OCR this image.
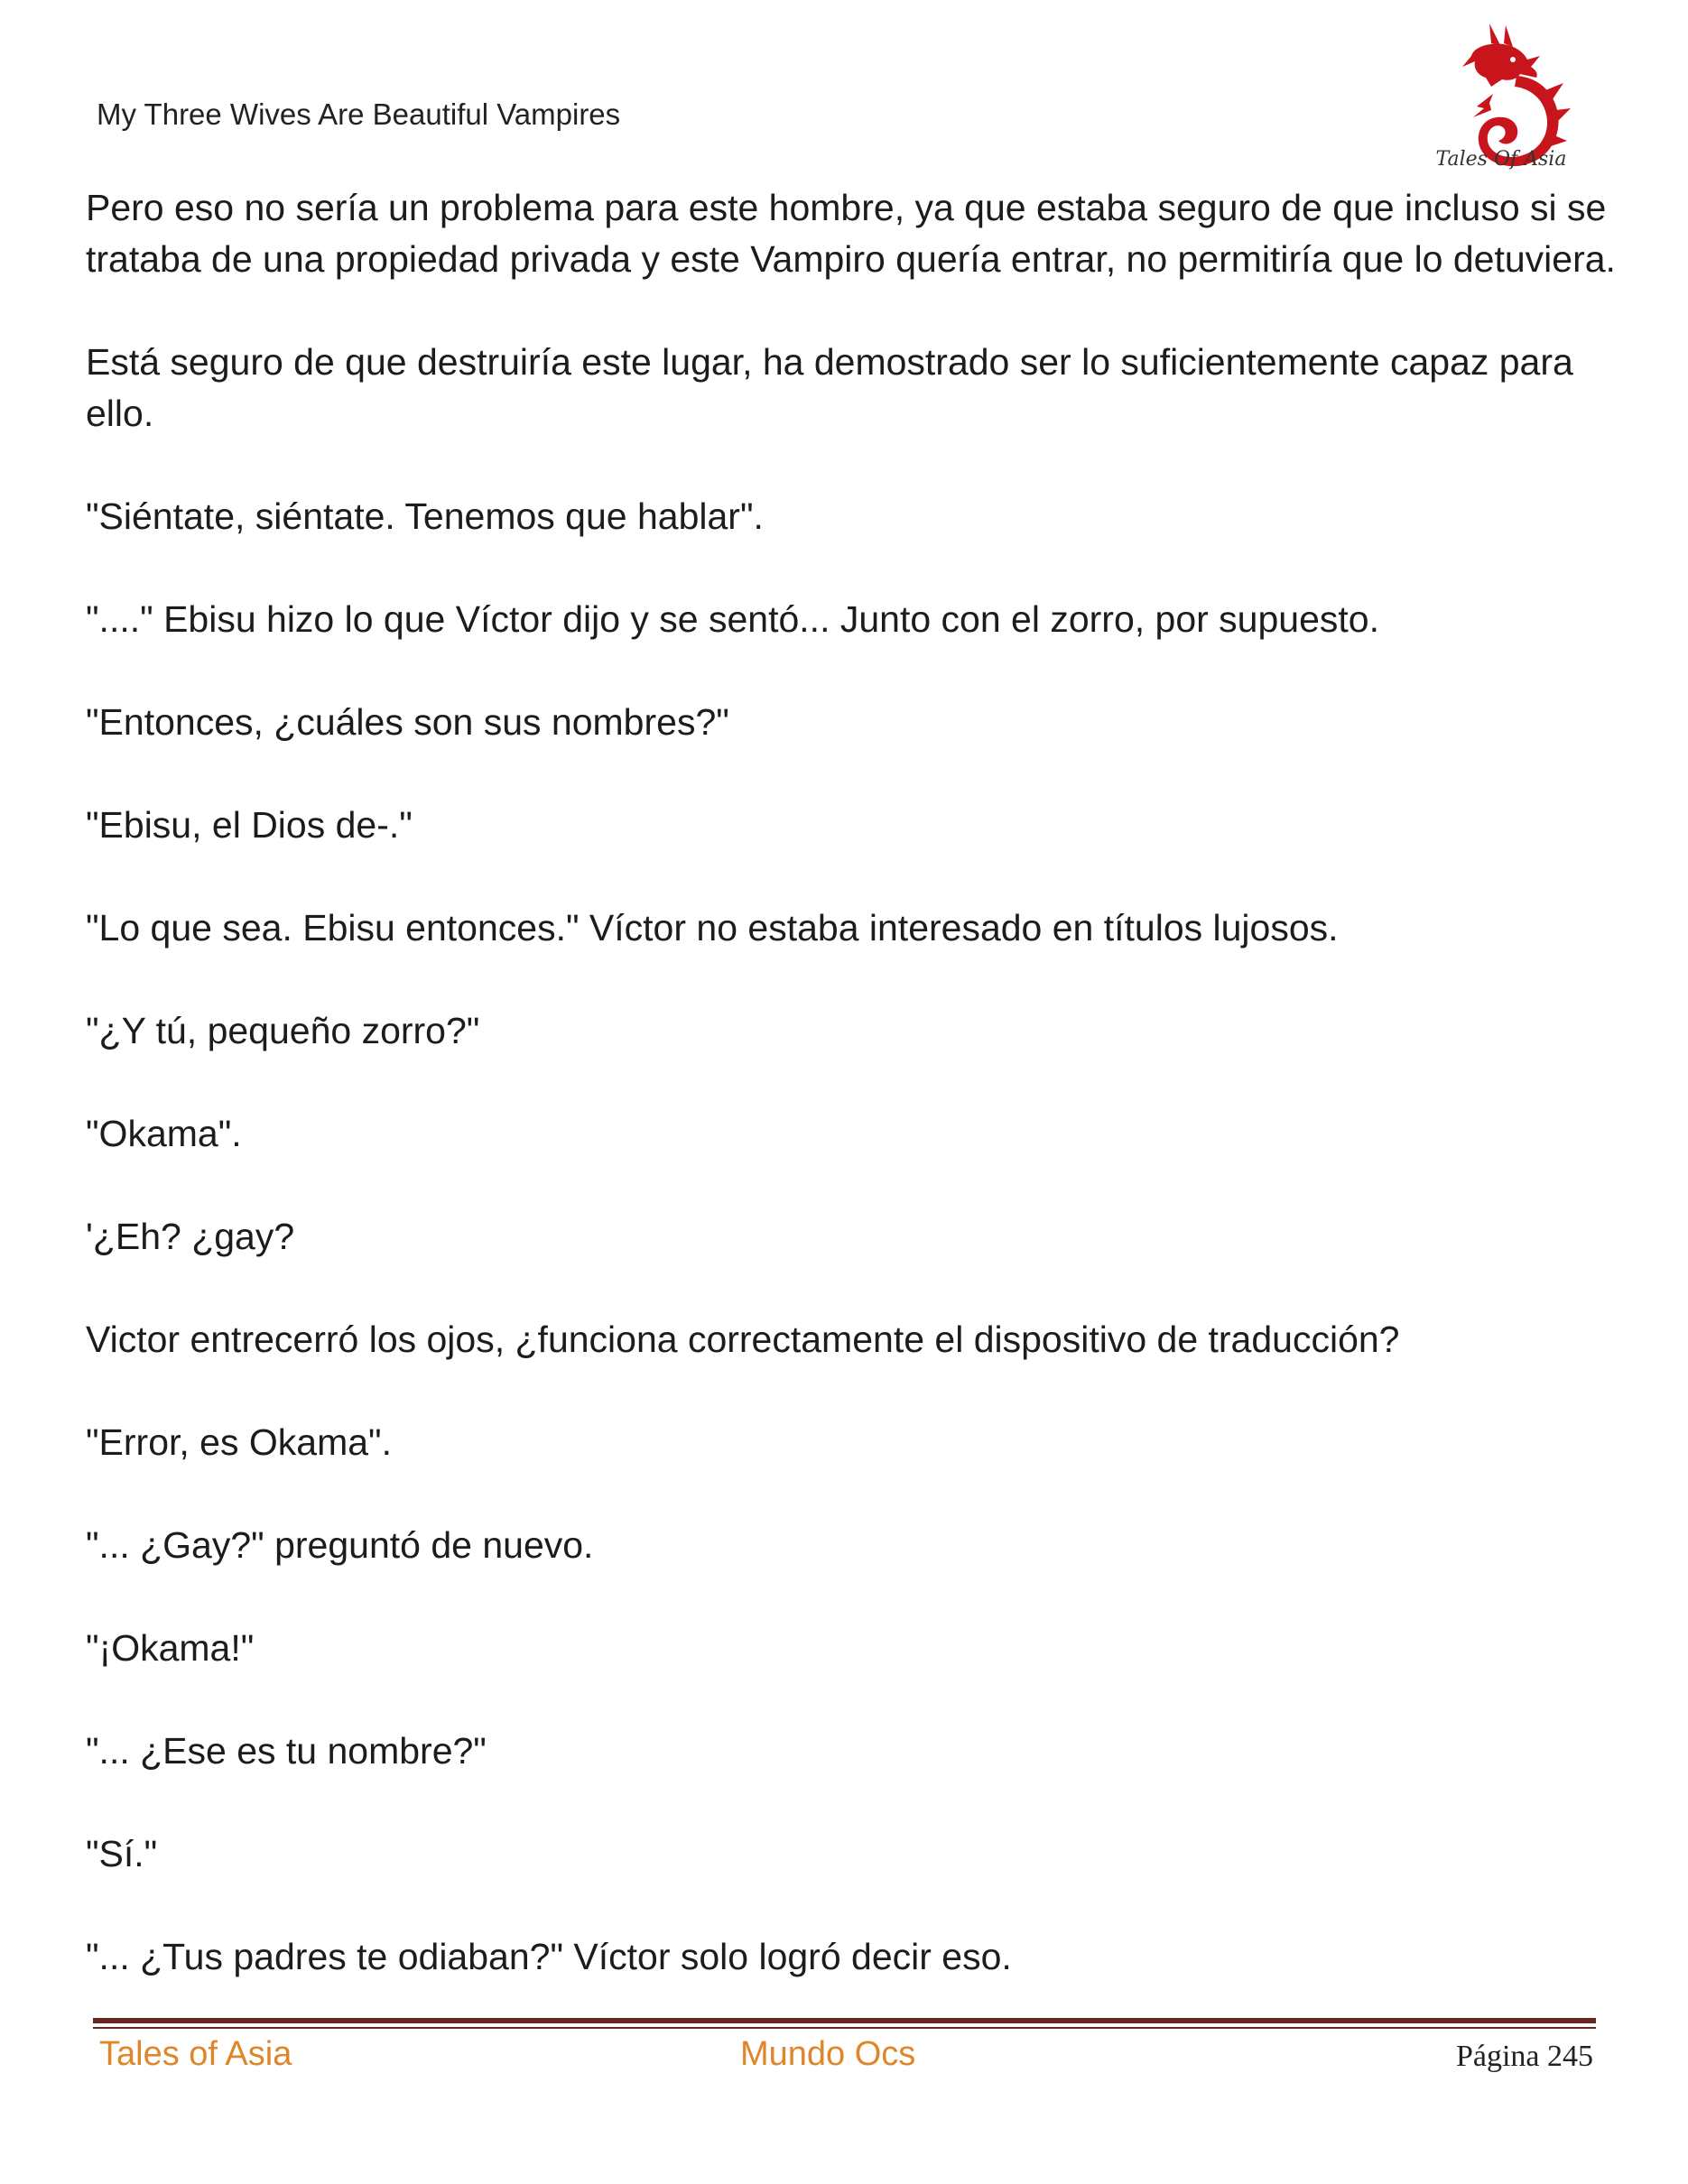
My Three Wives Are Beautiful Vampires
Tales Of Asia

Pero eso no sería un problema para este hombre, ya que estaba seguro de que incluso si se trataba de una propiedad privada y este Vampiro quería entrar, no permitiría que lo detuviera.

Está seguro de que destruiría este lugar, ha demostrado ser lo suficientemente capaz para ello.

"Siéntate, siéntate. Tenemos que hablar".

"...." Ebisu hizo lo que Víctor dijo y se sentó... Junto con el zorro, por supuesto.

"Entonces, ¿cuáles son sus nombres?"

"Ebisu, el Dios de-."

"Lo que sea. Ebisu entonces." Víctor no estaba interesado en títulos lujosos.

"¿Y tú, pequeño zorro?"

"Okama".

'¿Eh? ¿gay?

Victor entrecerró los ojos, ¿funciona correctamente el dispositivo de traducción?

"Error, es Okama".

"... ¿Gay?" preguntó de nuevo.

"¡Okama!"

"... ¿Ese es tu nombre?"

"Sí."

"... ¿Tus padres te odiaban?" Víctor solo logró decir eso.

Tales of Asia	Mundo Ocs	Página 245
